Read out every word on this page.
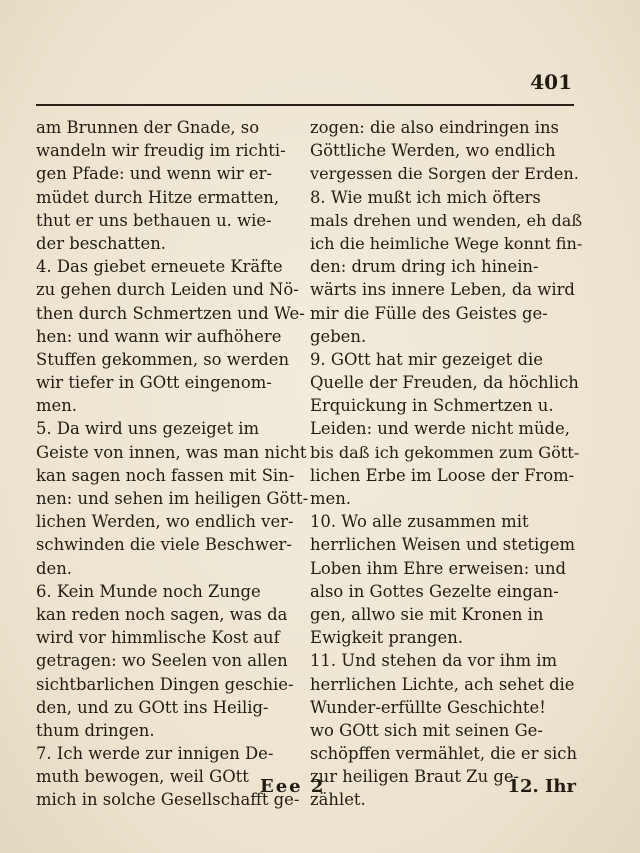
401
am Brunnen der Gnade, so
wandeln wir freudig im richti-
gen Pfade: und wenn wir er-
müdet durch Hitze ermatten,
thut er uns bethauen u. wie-
der beschatten.
4. Das giebet erneuete Kräfte
zu gehen durch Leiden und Nö-
then durch Schmertzen und We-
hen: und wann wir aufhöhere
Stuffen gekommen, so werden
wir tiefer in GOtt eingenom-
men.
5. Da wird uns gezeiget im
Geiste von innen, was man nicht
kan sagen noch fassen mit Sin-
nen: und sehen im heiligen Gött-
lichen Werden, wo endlich ver-
schwinden die viele Beschwer-
den.
6. Kein Munde noch Zunge
kan reden noch sagen, was da
wird vor himmlische Kost auf
getragen: wo Seelen von allen
sichtbarlichen Dingen geschie-
den, und zu GOtt ins Heilig-
thum dringen.
7. Ich werde zur innigen De-
muth bewogen, weil GOtt
mich in solche Gesellschafft ge-
zogen: die also eindringen ins
Göttliche Werden, wo endlich
vergessen die Sorgen der Erden.
8. Wie mußt ich mich öfters
mals drehen und wenden, eh daß
ich die heimliche Wege konnt fin-
den: drum dring ich hinein-
wärts ins innere Leben, da wird
mir die Fülle des Geistes ge-
geben.
9. GOtt hat mir gezeiget die
Quelle der Freuden, da höchlich
Erquickung in Schmertzen u.
Leiden: und werde nicht müde,
bis daß ich gekommen zum Gött-
lichen Erbe im Loose der From-
men.
10. Wo alle zusammen mit
herrlichen Weisen und stetigem
Loben ihm Ehre erweisen: und
also in Gottes Gezelte eingan-
gen, allwo sie mit Kronen in
Ewigkeit prangen.
11. Und stehen da vor ihm im
herrlichen Lichte, ach sehet die
Wunder-erfüllte Geschichte!
wo GOtt sich mit seinen Ge-
schöpffen vermählet, die er sich
zur heiligen Braut Zu ge-
zählet.
Eee 2	12. Ihr
